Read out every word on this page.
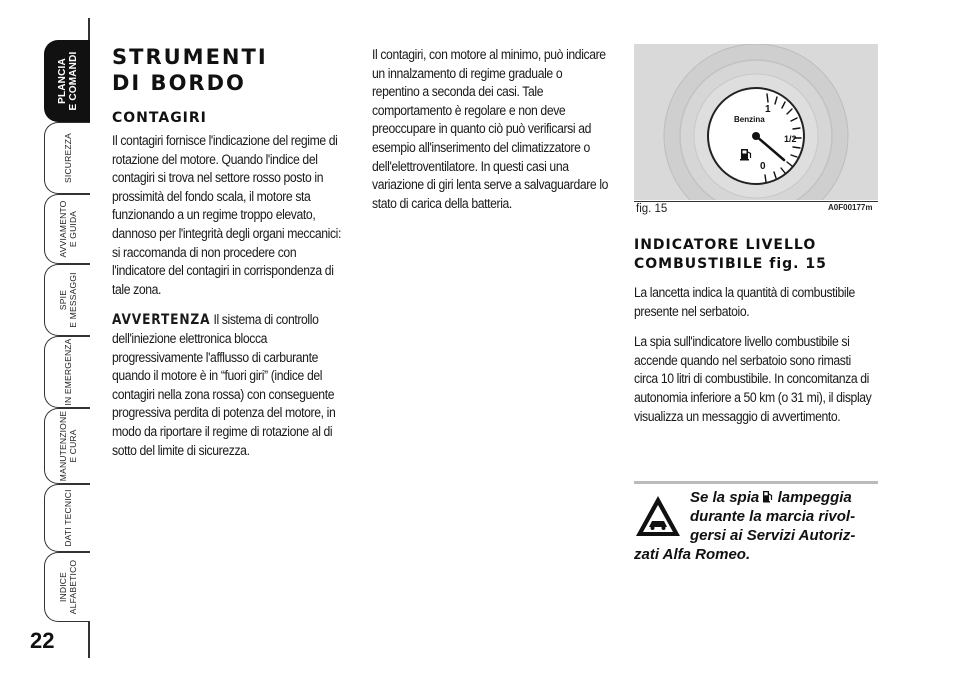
PLANCIA
E COMANDI
SICUREZZA
AVVIAMENTO
E GUIDA
SPIE
E MESSAGGI
IN EMERGENZA
MANUTENZIONE
E CURA
DATI TECNICI
INDICE
ALFABETICO
22
STRUMENTI
DI BORDO
CONTAGIRI

Il contagiri fornisce l'indicazione del regime di rotazione del motore. Quando l'indice del contagiri si trova nel settore rosso posto in prossimità del fondo scala, il motore sta funzionando a un regime troppo elevato, dannoso per l'integrità degli organi meccanici: si raccomanda di non procedere con l'indicatore del contagiri in corrispondenza di tale zona.

AVVERTENZA Il sistema di controllo dell'iniezione elettronica blocca progressivamente l'afflusso di carburante quando il motore è in “fuori giri” (indice del contagiri nella zona rossa) con conseguente progressiva perdita di potenza del motore, in modo da riportare il regime di rotazione al di sotto del limite di sicurezza.

Il contagiri, con motore al minimo, può indicare un innalzamento di regime graduale o repentino a seconda dei casi. Tale comportamento è regolare e non deve preoccupare in quanto ciò può verificarsi ad esempio all'inserimento del climatizzatore o dell'elettroventilatore. In questi casi una variazione di giri lenta serve a salvaguardare lo stato di carica della batteria.

1
Benzina
1/2
0
fig. 15	A0F00177m
INDICATORE LIVELLO
COMBUSTIBILE fig. 15

La lancetta indica la quantità di combustibile presente nel serbatoio.

La spia sull'indicatore livello combustibile si accende quando nel serbatoio sono rimasti circa 10 litri di combustibile. In concomitanza di autonomia inferiore a 50 km (o 31 mi), il display visualizza un messaggio di avvertimento.

Se la spia lampeggia
durante la marcia rivol-
gersi ai Servizi Autoriz-
zati Alfa Romeo.
